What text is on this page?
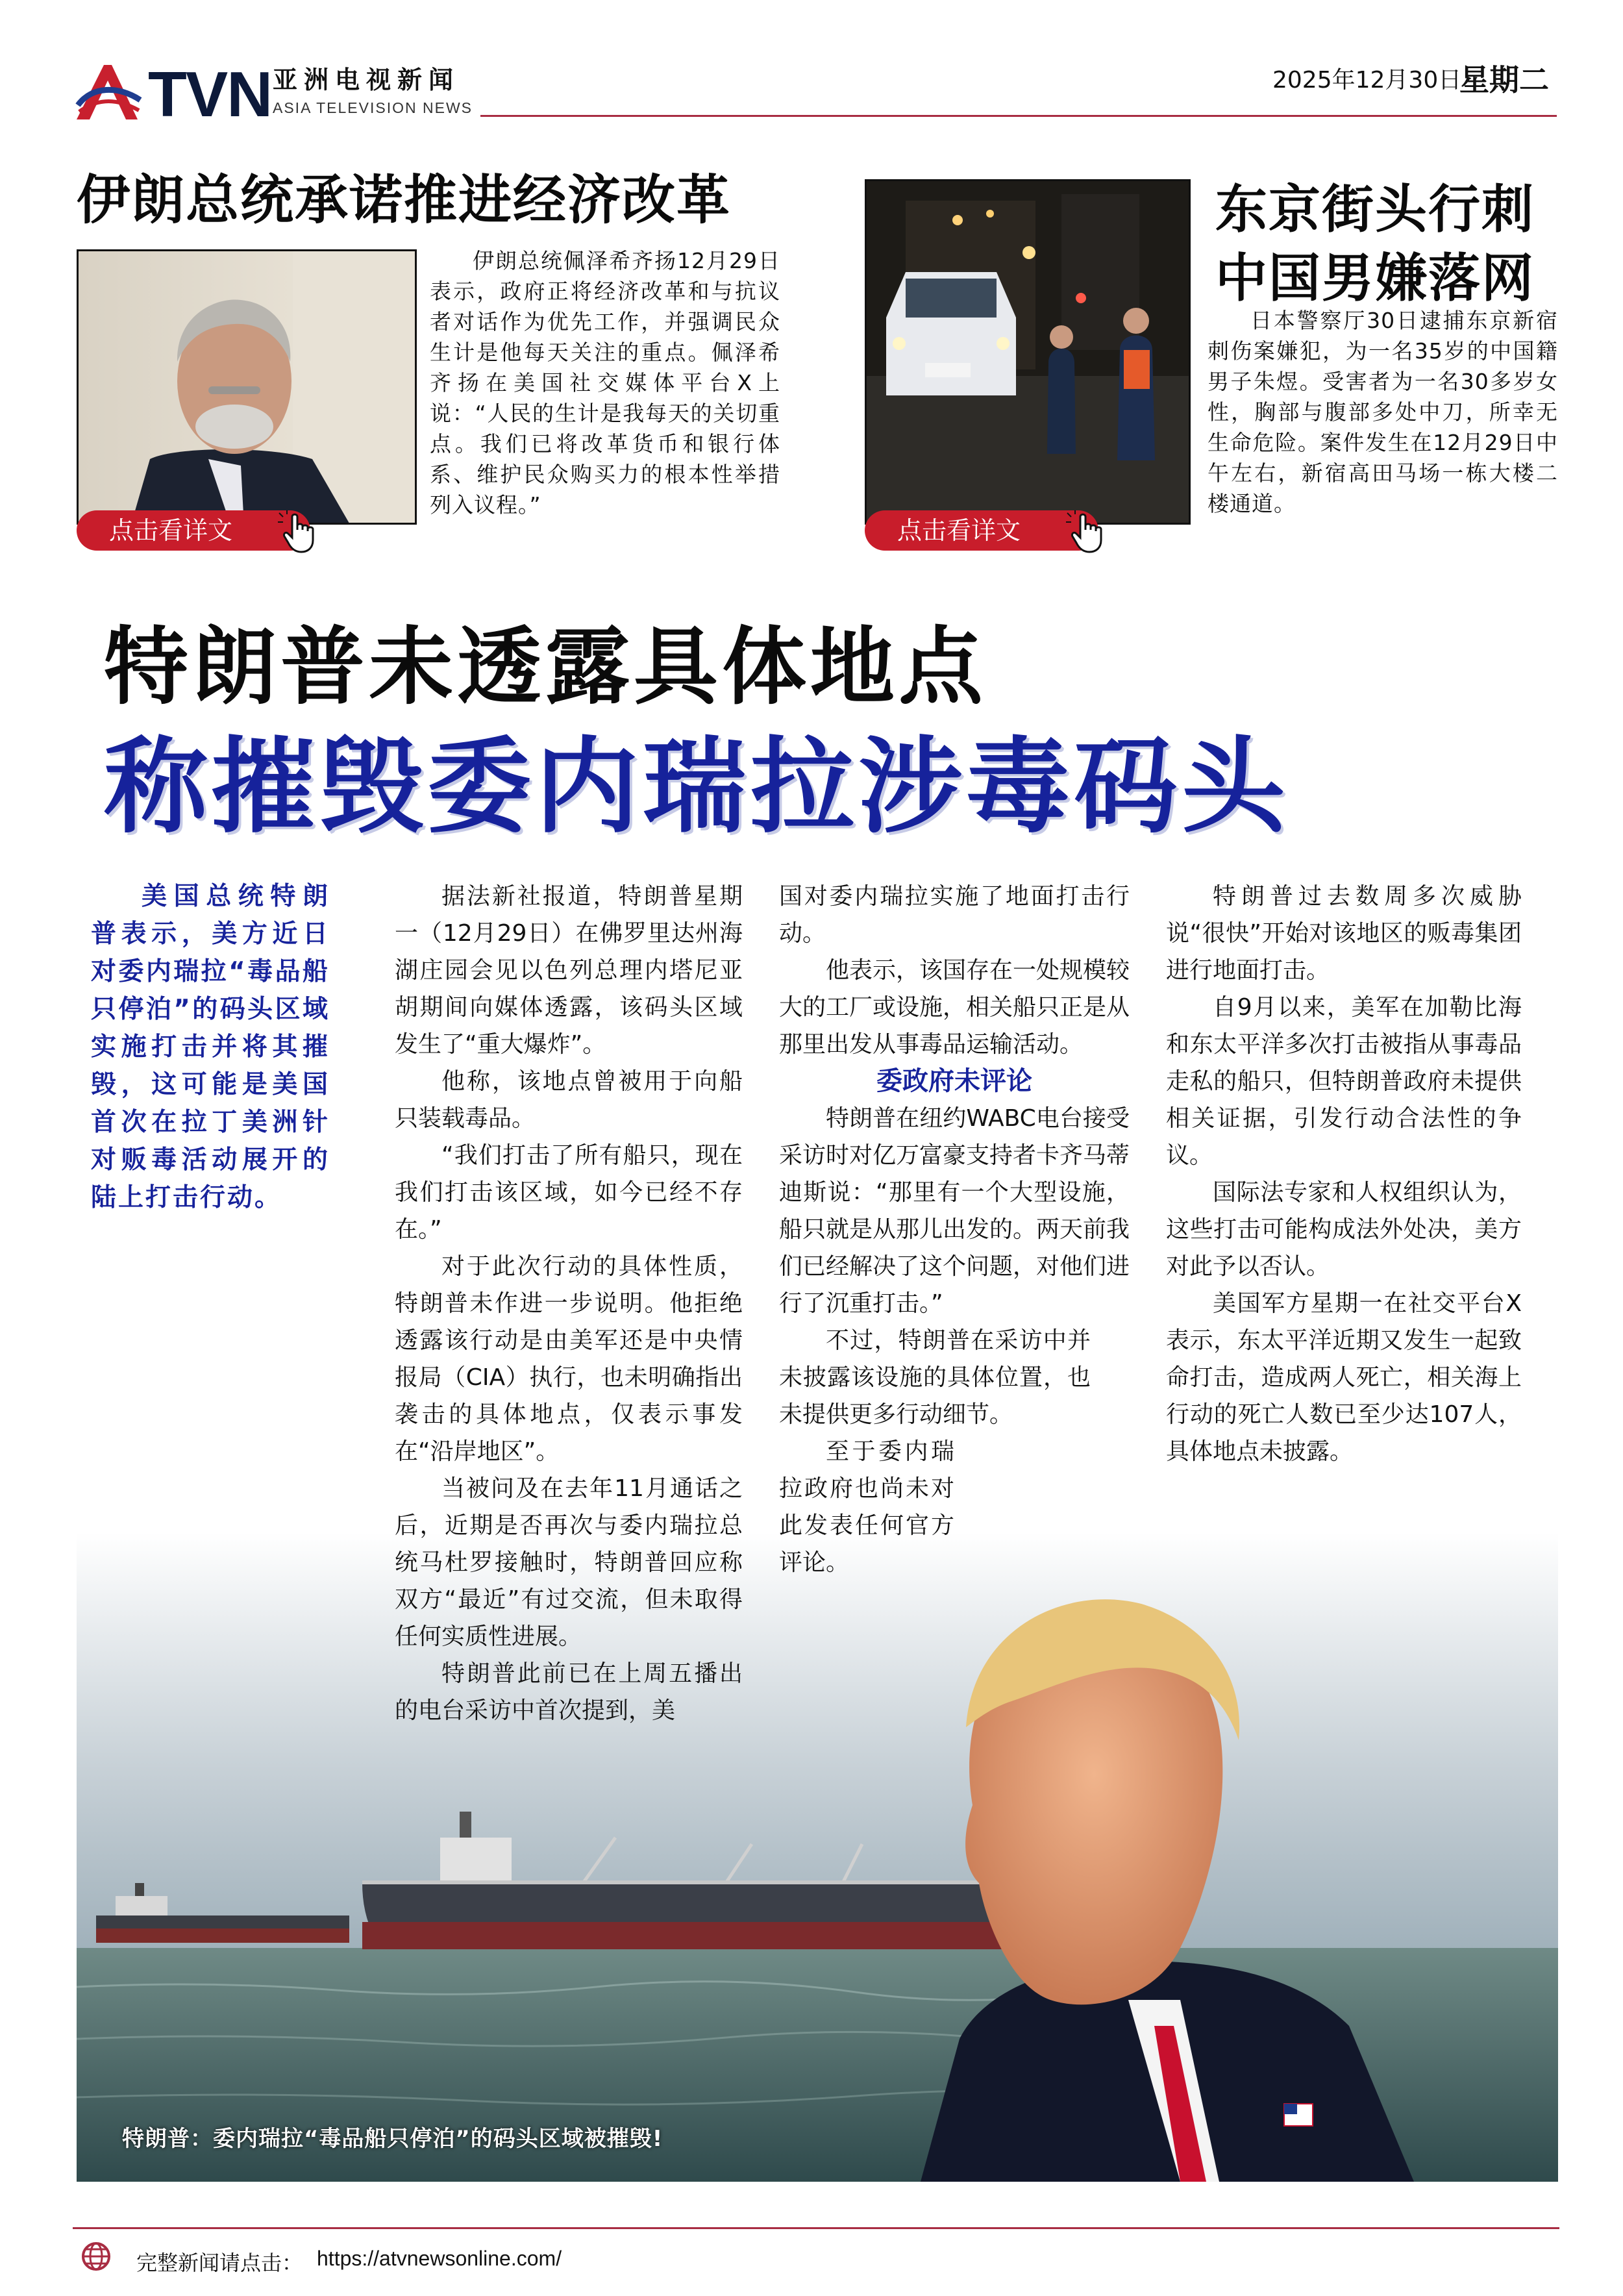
TVN 亚洲电视新闻
ASIA TELEVISION NEWS
2025年12月30日
星期二
伊朗总统承诺推进经济改革
伊朗总统佩泽希齐扬12月29日表示，政府正将经济改革和与抗议者对话作为优先工作，并强调民众生计是他每天关注的重点。佩泽希齐扬在美国社交媒体平台X上说：“人民的生计是我每天的关切重点。我们已将改革货币和银行体系、维护民众购买力的根本性举措列入议程。”
点击看详文
东京街头行刺
中国男嫌落网
日本警察厅30日逮捕东京新宿刺伤案嫌犯，为一名35岁的中国籍男子朱煜。受害者为一名30多岁女性，胸部与腹部多处中刀，所幸无生命危险。案件发生在12月29日中午左右，新宿高田马场一栋大楼二楼通道。
点击看详文
特朗普未透露具体地点
称摧毁委内瑞拉涉毒码头
美国总统特朗普表示，美方近日对委内瑞拉“毒品船只停泊”的码头区域实施打击并将其摧毁，这可能是美国首次在拉丁美洲针对贩毒活动展开的陆上打击行动。

据法新社报道，特朗普星期一（12月29日）在佛罗里达州海湖庄园会见以色列总理内塔尼亚胡期间向媒体透露，该码头区域发生了“重大爆炸”。

他称，该地点曾被用于向船只装载毒品。

“我们打击了所有船只，现在我们打击该区域，如今已经不存在。”

对于此次行动的具体性质，特朗普未作进一步说明。他拒绝透露该行动是由美军还是中央情报局（CIA）执行，也未明确指出袭击的具体地点，仅表示事发在“沿岸地区”。

当被问及在去年11月通话之后，近期是否再次与委内瑞拉总统马杜罗接触时，特朗普回应称双方“最近”有过交流，但未取得任何实质性进展。

特朗普此前已在上周五播出的电台采访中首次提到，美

国对委内瑞拉实施了地面打击行动。

他表示，该国存在一处规模较大的工厂或设施，相关船只正是从那里出发从事毒品运输活动。

委政府未评论

特朗普在纽约WABC电台接受采访时对亿万富豪支持者卡齐马蒂迪斯说：“那里有一个大型设施，船只就是从那儿出发的。两天前我们已经解决了这个问题，对他们进行了沉重打击。”

不过，特朗普在采访中并未披露该设施的具体位置，也未提供更多行动细节。

至于委内瑞拉政府也尚未对此发表任何官方评论。

特朗普过去数周多次威胁说“很快”开始对该地区的贩毒集团进行地面打击。

自9月以来，美军在加勒比海和东太平洋多次打击被指从事毒品走私的船只，但特朗普政府未提供相关证据，引发行动合法性的争议。

国际法专家和人权组织认为，这些打击可能构成法外处决，美方对此予以否认。

美国军方星期一在社交平台X表示，东太平洋近期又发生一起致命打击，造成两人死亡，相关海上行动的死亡人数已至少达107人，具体地点未披露。

特朗普：委内瑞拉“毒品船只停泊”的码头区域被摧毁!
完整新闻请点击： https://atvnewsonline.com/
